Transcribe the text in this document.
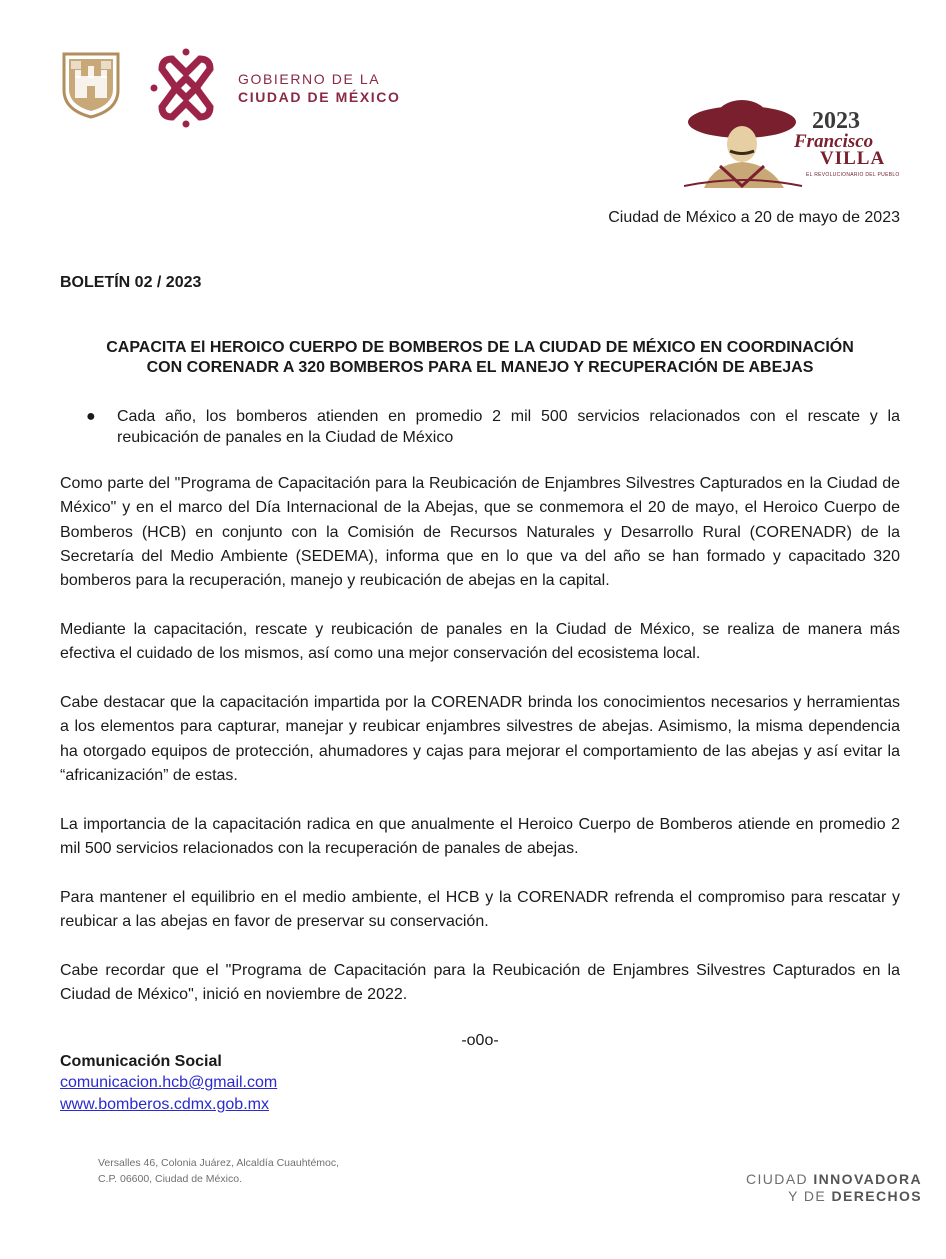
GOBIERNO DE LA
CIUDAD DE MÉXICO
2023
Francisco
VILLA
EL REVOLUCIONARIO DEL PUEBLO
Ciudad de México a 20 de mayo de 2023
BOLETÍN 02 / 2023
CAPACITA El HEROICO CUERPO DE BOMBEROS DE LA CIUDAD DE MÉXICO EN COORDINACIÓN
CON CORENADR A 320 BOMBEROS PARA EL MANEJO Y RECUPERACIÓN DE ABEJAS
● Cada año, los bomberos atienden en promedio 2 mil 500 servicios relacionados con el rescate y la reubicación de panales en la Ciudad de México
Como parte del "Programa de Capacitación para la Reubicación de Enjambres Silvestres Capturados en la Ciudad de México" y en el marco del Día Internacional de la Abejas, que se conmemora el 20 de mayo, el Heroico Cuerpo de Bomberos (HCB) en conjunto con la Comisión de Recursos Naturales y Desarrollo Rural (CORENADR) de la Secretaría del Medio Ambiente (SEDEMA), informa que en lo que va del año se han formado y capacitado 320 bomberos para la recuperación, manejo y reubicación de abejas en la capital.
Mediante la capacitación, rescate y reubicación de panales en la Ciudad de México, se realiza de manera más efectiva el cuidado de los mismos, así como una mejor conservación del ecosistema local.
Cabe destacar que la capacitación impartida por la CORENADR brinda los conocimientos necesarios y herramientas a los elementos para capturar, manejar y reubicar enjambres silvestres de abejas. Asimismo, la misma dependencia ha otorgado equipos de protección, ahumadores y cajas para mejorar el comportamiento de las abejas y así evitar la “africanización” de estas.
La importancia de la capacitación radica en que anualmente el Heroico Cuerpo de Bomberos atiende en promedio 2 mil 500 servicios relacionados con la recuperación de panales de abejas.
Para mantener el equilibrio en el medio ambiente, el HCB y la CORENADR refrenda el compromiso para rescatar y reubicar a las abejas en favor de preservar su conservación.
Cabe recordar que el "Programa de Capacitación para la Reubicación de Enjambres Silvestres Capturados en la Ciudad de México", inició en noviembre de 2022.
-o0o-
Comunicación Social
comunicacion.hcb@gmail.com
www.bomberos.cdmx.gob.mx
Versalles 46, Colonia Juárez, Alcaldía Cuauhtémoc,
C.P. 06600, Ciudad de México.	CIUDAD INNOVADORA
Y DE DERECHOS
